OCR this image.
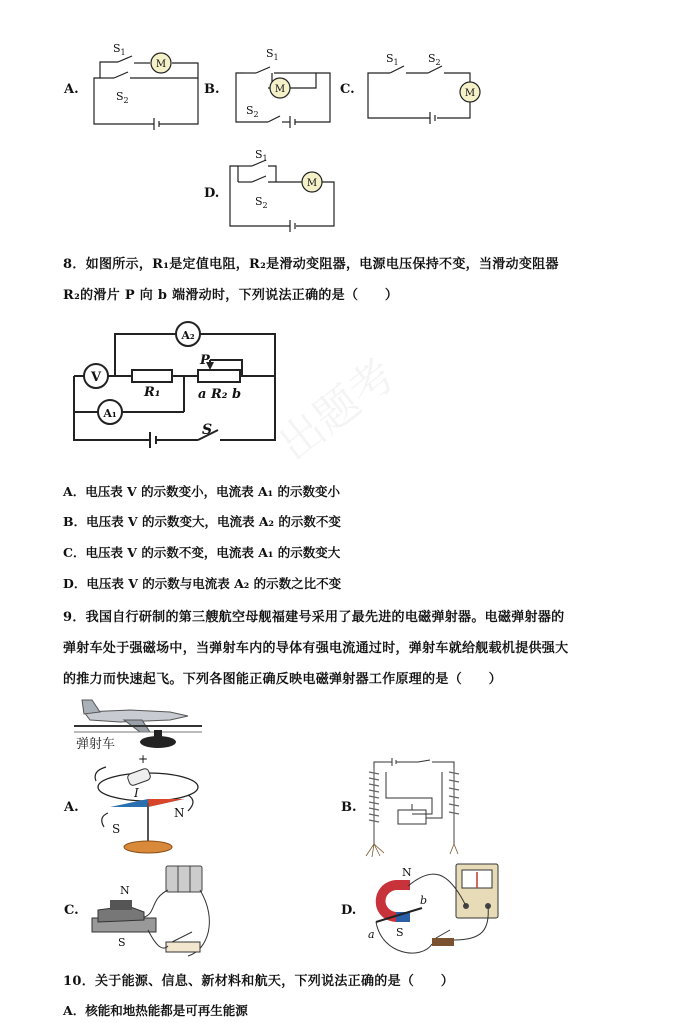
A.	B.	C.
D.
$S_1$
$S_2$
$S_1$
$S_2$
$S_1$	$S_2$
$S_1$
$S_2$
M
M	M
M
8．如图所示，R₁是定值电阻，R₂是滑动变阻器，电源电压保持不变，当滑动变阻器
R₂的滑片 P 向 b 端滑动时，下列说法正确的是（　　）
A₂
V
A₁
R₁
P
a R₂ b
S 出题考
A．电压表 V 的示数变小，电流表 A₁ 的示数变小
B．电压表 V 的示数变大，电流表 A₂ 的示数不变
C．电压表 V 的示数不变，电流表 A₁ 的示数变大
D．电压表 V 的示数与电流表 A₂ 的示数之比不变
9．我国自行研制的第三艘航空母舰福建号采用了最先进的电磁弹射器。电磁弹射器的
弹射车处于强磁场中，当弹射车内的导体有强电流通过时，弹射车就给舰载机提供强大
的推力而快速起飞。下列各图能正确反映电磁弹射器工作原理的是（　　）
弹射车
A.	B.
C.	D.
+
I
S
N
N
S
N
S
a
b
10．关于能源、信息、新材料和航天，下列说法正确的是（　　）
A．核能和地热能都是可再生能源
